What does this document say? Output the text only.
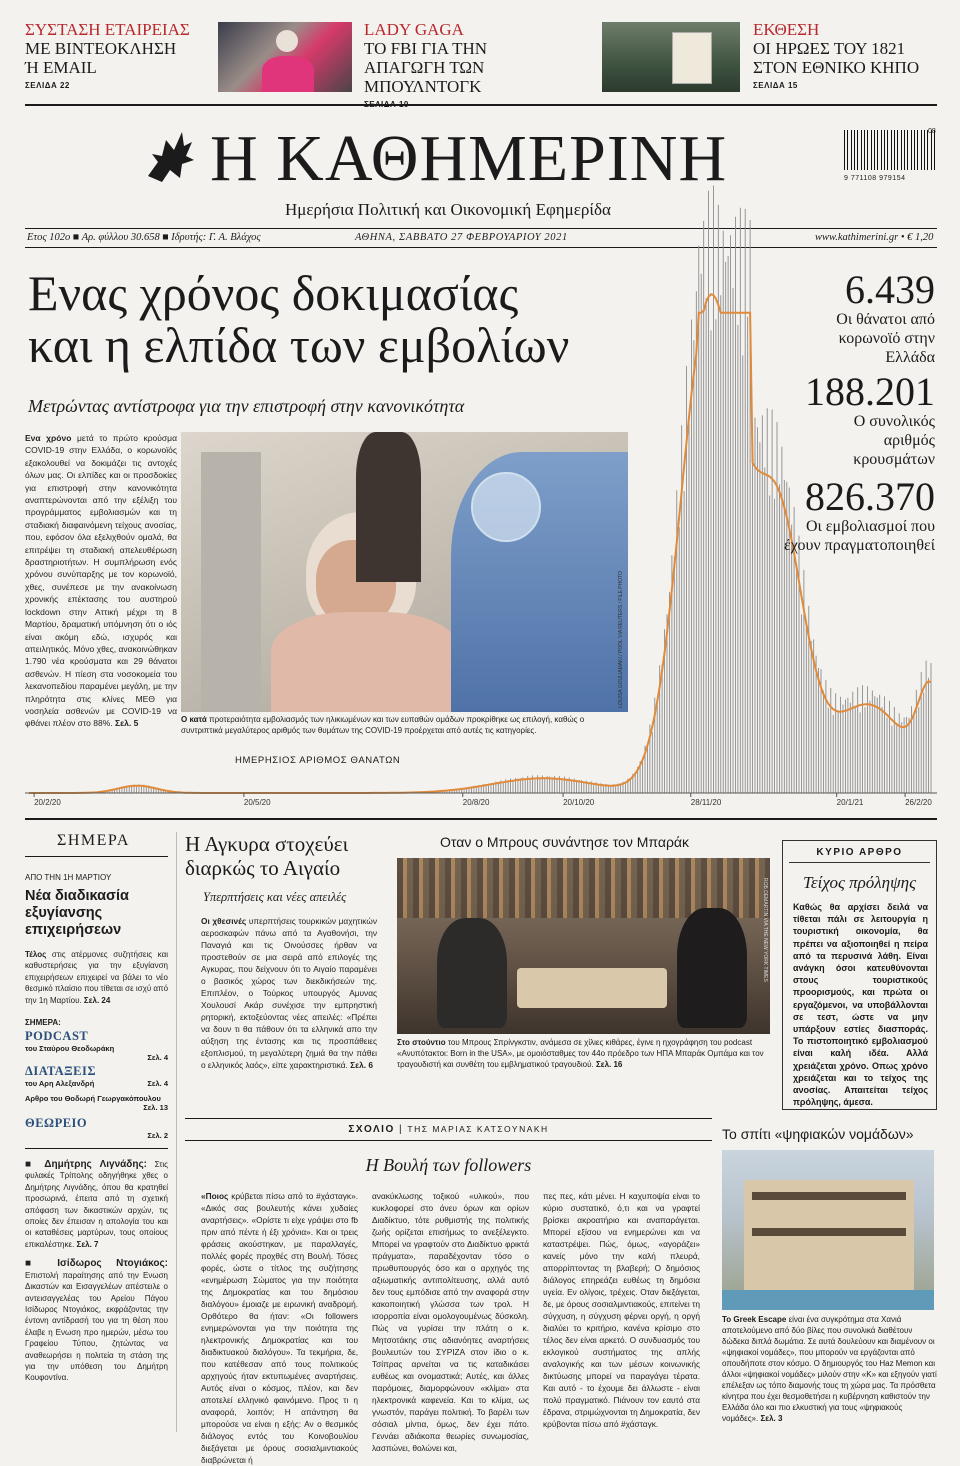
ΣΥΣΤΑΣΗ ΕΤΑΙΡΕΙΑΣ
ΜΕ ΒΙΝΤΕΟΚΛΗΣΗ Ή EMAIL
ΣΕΛΙΔΑ 22
LADY GAGA
ΤΟ FBI ΓΙΑ ΤΗΝ ΑΠΑΓΩΓΗ ΤΩΝ ΜΠΟΥΛΝΤΟΓΚ
ΕΚΘΕΣΗ
ΟΙ ΗΡΩΕΣ ΤΟΥ 1821 ΣΤΟΝ ΕΘΝΙΚΟ ΚΗΠΟ
ΣΕΛΙΔΑ 15
Η ΚΑΘΗΜΕΡΙΝΗ
Ημερήσια Πολιτική και Οικονομική Εφημερίδα
9 771108 979154
08
Ετος 102ο ■ Αρ. φύλλου 30.658 ■ Ιδρυτής: Γ. Α. Βλάχος	ΑΘΗΝΑ, ΣΑΒΒΑΤΟ 27 ΦΕΒΡΟΥΑΡΙΟΥ 2021	www.kathimerini.gr • € 1,20
20/2/20	20/5/20	20/8/20	20/10/20	28/11/20	20/1/21	26/2/20
ΗΜΕΡΗΣΙΟΣ ΑΡΙΘΜΟΣ ΘΑΝΑΤΩΝ
Ενας χρόνος δοκιμασίας
και η ελπίδα των εμβολίων
Μετρώντας αντίστροφα για την επιστροφή στην κανονικότητα
Ενα χρόνο μετά το πρώτο κρούσμα COVID-19 στην Ελλάδα, ο κορωνοϊός εξακολουθεί να δοκιμάζει τις αντοχές όλων μας. Οι ελπίδες και οι προσδοκίες για επιστροφή στην κανονικότητα αναπτερώνονται από την εξέλιξη του προγράμματος εμβολιασμών και τη σταδιακή διαφαινόμενη τείχους ανοσίας, που, εφόσον όλα εξελιχθούν ομαλά, θα επιτρέψει τη σταδιακή απελευθέρωση δραστηριοτήτων. Η συμπλήρωση ενός χρόνου συνύπαρξης με τον κορωνοϊό, χθες, συνέπεσε με την ανακοίνωση χρονικής επέκτασης του αυστηρού lockdown στην Αττική μέχρι τη 8 Μαρτίου, δραματική υπόμνηση ότι ο ιός είναι ακόμη εδώ, ισχυρός και απειλητικός. Μόνο χθες, ανακοινώθηκαν 1.790 νέα κρούσματα και 29 θάνατοι ασθενών. Η πίεση στα νοσοκομεία του λεκανοπεδίου παραμένει μεγάλη, με την πληρότητα στις κλίνες ΜΕΘ για νοσηλεία ασθενών με COVID-19 να φθάνει πλέον στο 88%. Σελ. 5
LOUISA GOULIAMAKI / POOL VIA REUTERS / FILE PHOTO
Ο κατά προτεραιότητα εμβολιασμός των ηλικιωμένων και των ευπαθών ομάδων προκρίθηκε ως επιλογή, καθώς ο συντριπτικά μεγαλύτερος αριθμός των θυμάτων της COVID-19 προέρχεται από αυτές τις κατηγορίες.
6.439
Οι θάνατοι από κορωνοϊό στην Ελλάδα
188.201
Ο συνολικός αριθμός κρουσμάτων
826.370
Οι εμβολιασμοί που έχουν πραγματοποιηθεί
ΣΗΜΕΡΑ
ΑΠΟ ΤΗΝ 1Η ΜΑΡΤΙΟΥ
Νέα διαδικασία εξυγίανσης επιχειρήσεων
Τέλος στις ατέρμονες συζητήσεις και καθυστερήσεις για την εξυγίανση επιχειρήσεων επιχειρεί να βάλει το νέο θεσμικό πλαίσιο που τίθεται σε ισχύ από την 1η Μαρτίου. Σελ. 24
ΣΗΜΕΡΑ:
PODCAST
του Σταύρου Θεοδωράκη
Σελ. 4
ΔΙΑΤΑΞΕΙΣ
του Αρη Αλεξανδρή	Σελ. 4
Αρθρο του Θοδωρή Γεωργακόπουλου
Σελ. 13
ΘΕΩΡΕΙΟ
Σελ. 2
■ Δημήτρης Λιγνάδης: Στις φυλακές Τρίπολης οδηγήθηκε χθες ο Δημήτρης Λιγνάδης, όπου θα κρατηθεί προσωρινά, έπειτα από τη σχετική απόφαση των δικαστικών αρχών, τις οποίες δεν έπεισαν η απολογία του και οι καταθέσεις μαρτύρων, τους οποίους επικαλέστηκε. Σελ. 7
■ Ισίδωρος Ντογιάκος: Επιστολή παραίτησης από την Ενωση Δικαστών και Εισαγγελέων απέστειλε ο αντεισαγγελέας του Αρείου Πάγου Ισίδωρος Ντογιάκος, εκφράζοντας την έντονη αντίδρασή του για τη θέση που έλαβε η Ενωση προ ημερών, μέσω του Γραφείου Τύπου, ζητώντας να αναθεωρήσει η πολιτεία τη στάση της για την υπόθεση του Δημήτρη Κουφοντίνα.
Η Αγκυρα στοχεύει διαρκώς το Αιγαίο
Υπερπτήσεις και νέες απειλές
Οι χθεσινές υπερπτήσεις τουρκικών μαχητικών αεροσκαφών πάνω από τα Αγαθονήσι, την Παναγιά και τις Οινούσσες ήρθαν να προστεθούν σε μια σειρά από επιλογές της Αγκυρας, που δείχνουν ότι το Αιγαίο παραμένει ο βασικός χώρος των διεκδικήσεών της. Επιπλέον, ο Τούρκος υπουργός Αμυνας Χουλουσί Ακάρ συνέχισε την εμπρηστική ρητορική, εκτοξεύοντας νέες απειλές: «Πρέπει να δουν τι θα πάθουν ότι τα ελληνικά απο την αύξηση της έντασης και τις προσπάθειες εξοπλισμού, τη μεγαλύτερη ζημιά θα την πάθει ο ελληνικός λαός», είπε χαρακτηριστικά. Σελ. 6
Οταν ο Μπρους συνάντησε τον Μπαράκ
ROB DEMARTIN VIA THE NEW YORK TIMES
Στο στούντιο του Μπρους Σπρίνγκστιν, ανάμεσα σε χίλιες κιθάρες, έγινε η ηχογράφηση του podcast «Ανυπότακτοι: Born in the USA», με ομοιόσταθμες τον 44ο πρόεδρο των ΗΠΑ Μπαράκ Ομπάμα και τον τραγουδιστή και συνθέτη του εμβληματικού τραγουδιού. Σελ. 16
ΚΥΡΙΟ ΑΡΘΡΟ
Τείχος πρόληψης
Καθώς θα αρχίσει δειλά να τίθεται πάλι σε λειτουργία η τουριστική οικονομία, θα πρέπει να αξιοποιηθεί η πείρα από τα περυσινά λάθη. Είναι ανάγκη όσοι κατευθύνονται στους τουριστικούς προορισμούς, και πρώτα οι εργαζόμενοι, να υποβάλλονται σε τεστ, ώστε να μην υπάρξουν εστίες διασποράς. Το πιστοποιητικό εμβολιασμού είναι καλή ιδέα. Αλλά χρειάζεται χρόνο. Οπως χρόνο χρειάζεται και το τείχος της ανοσίας. Απαιτείται τείχος πρόληψης, άμεσα.
ΣΧΟΛΙΟ | ΤΗΣ ΜΑΡΙΑΣ ΚΑΤΣΟΥΝΑΚΗ
Η Βουλή των followers
«Ποιος κρύβεται πίσω από το #χάσταγκ». «Δικός σας βουλευτής κάνει χυδαίες αναρτήσεις». «Ορίστε τι είχε γράψει στο fb πριν από πέντε ή έξι χρόνια». Και οι τρεις φράσεις ακούστηκαν, με παραλλαγές, πολλές φορές προχθές στη Βουλή. Τόσες φορές, ώστε ο τίτλος της συζήτησης «ενημέρωση Σώματος για την ποιότητα της Δημοκρατίας και του δημόσιου διαλόγου» έμοιαζε με ειρωνική αναδρομή. Ορθότερο θα ήταν: «Οι followers ενημερώνονται για την ποιότητα της ηλεκτρονικής Δημοκρατίας και του διαδικτυακού διαλόγου». Τα τεκμήρια, δε, που κατέθεσαν από τους πολιτικούς αρχηγούς ήταν εκτυπωμένες αναρτήσεις. Αυτός είναι ο κόσμος, πλέον, και δεν αποτελεί ελληνικό φαινόμενο. Προς τι η αναφορά, λοιπόν; Η απάντηση θα μπορούσε να είναι η εξής: Αν ο θεσμικός διάλογος εντός του Κοινοβουλίου διεξάγεται με όρους σοσιαλμιντιακούς διαβρώνεται ή
ανακύκλωσης τοξικού «υλικού», που κυκλοφορεί στο άνευ όρων και ορίων Διαδίκτυο, τότε ρυθμιστής της πολιτικής ζωής ορίζεται επισήμως το ανεξέλεγκτο. Μπορεί να γραφτούν στο Διαδίκτυο φρικτά πράγματα», παραδέχονταν τόσο ο πρωθυπουργός όσο και ο αρχηγός της αξιωματικής αντιπολίτευσης, αλλά αυτό δεν τους εμπόδισε από την αναφορά στην κακοποιητική γλώσσα των τρολ. Η ισορροπία είναι ομολογουμένως δύσκολη. Πώς να γυρίσει την πλάτη ο κ. Μητσοτάκης στις αδιανόητες αναρτήσεις βουλευτών του ΣΥΡΙΖΑ στον ίδιο ο κ. Τσίπρας αρνείται να τις καταδικάσει ευθέως και ονομαστικά; Αυτές, και άλλες παρόμοιες, διαμορφώνουν «κλίμα» στα ηλεκτρονικά καφενεία. Και το κλίμα, ως γνωστόν, παράγει πολιτική. Το βαρέλι των σόσιαλ μίντια, όμως, δεν έχει πάτο. Γεννάει αδιάκοπα θεωρίες συνωμοσίας, λασπώνει, θολώνει και,
πες πες, κάτι μένει. Η καχυποψία είναι το κύριο συστατικό, ό,τι και να γραφτεί βρίσκει ακροατήριο και αναπαράγεται. Μπορεί εξίσου να ενημερώνει και να καταστρέψει. Πώς, όμως, «αγοράζει» κανείς μόνο την καλή πλευρά, απορρίπτοντας τη βλαβερή; Ο δημόσιος διάλογος επηρεάζει ευθέως τη δημόσια υγεία. Εν ολίγοις, τρέχεις. Οταν διεξάγεται, δε, με όρους σοσιαλμιντιακούς, επιτείνει τη σύγχυση, η σύγχυση φέρνει οργή, η οργή διαλύει το κριτήριο, κανένα κρίσιμο στο τέλος δεν είναι αρκετό. Ο συνδυασμός του εκλογικού συστήματος της απλής αναλογικής και των μέσων κοινωνικής δικτύωσης μπορεί να παραγάγει τέρατα. Και αυτό - το έχουμε δει άλλωστε - είναι πολύ πραγματικό. Πιάνουν τον εαυτό στα έδρανα, στριμώχνονται τη Δημοκρατία, δεν κρύβονται πίσω από #χάσταγκ.
Το σπίτι «ψηφιακών νομάδων»
Το Greek Escape είναι ένα συγκρότημα στα Χανιά αποτελούμενο από δύο βίλες που συνολικά διαθέτουν δώδεκα διπλά δωμάτια. Σε αυτά δουλεύουν και διαμένουν οι «ψηφιακοί νομάδες», που μπορούν να εργάζονται από οπουδήποτε στον κόσμο. Ο δημιουργός του Haz Memon και άλλοι «ψηφιακοί νομάδες» μιλούν στην «Κ» και εξηγούν γιατί επέλεξαν ως τόπο διαμονής τους τη χώρα μας. Τα πρόσθετα κίνητρα που έχει θεσμοθετήσει η κυβέρνηση καθιστούν την Ελλάδα όλο και πιο ελκυστική για τους «ψηφιακούς νομάδες». Σελ. 3
